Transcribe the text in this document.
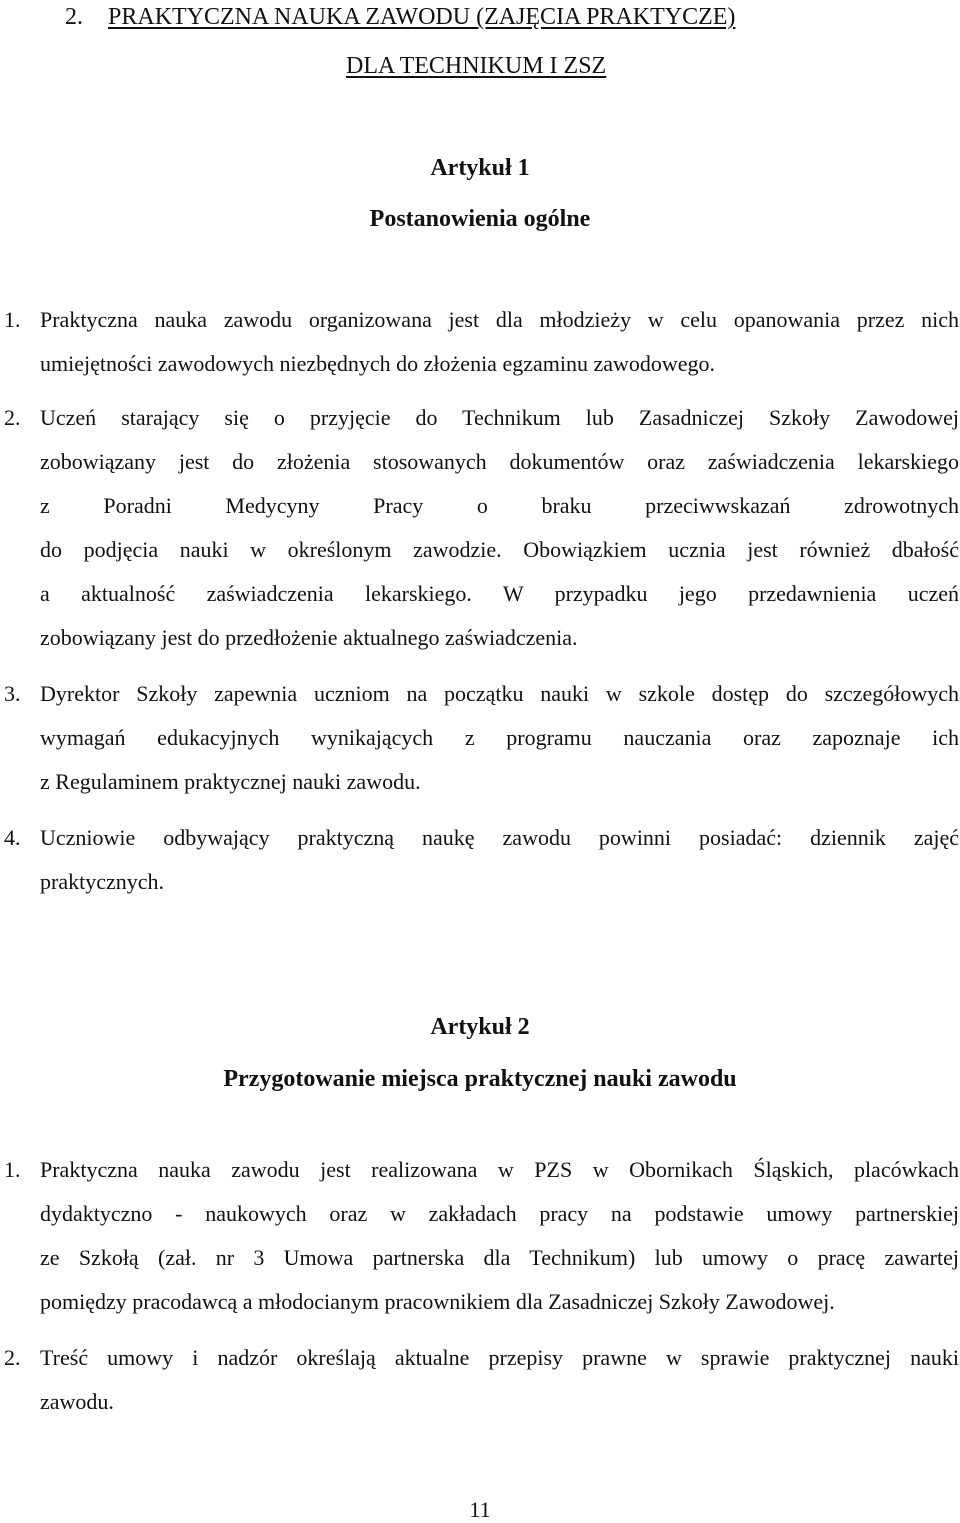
2. PRAKTYCZNA NAUKA ZAWODU (ZAJĘCIA PRAKTYCZE)
DLA TECHNIKUM I ZSZ
Artykuł 1
Postanowienia ogólne
1. Praktyczna nauka zawodu organizowana jest dla młodzieży w celu opanowania przez nich
umiejętności zawodowych niezbędnych do złożenia egzaminu zawodowego.
2. Uczeń starający się o przyjęcie do Technikum lub Zasadniczej Szkoły Zawodowej
zobowiązany jest do złożenia stosowanych dokumentów oraz zaświadczenia lekarskiego
z Poradni Medycyny Pracy o braku przeciwwskazań zdrowotnych
do podjęcia nauki w określonym zawodzie. Obowiązkiem ucznia jest również dbałość
a aktualność zaświadczenia lekarskiego. W przypadku jego przedawnienia uczeń
zobowiązany jest do przedłożenie aktualnego zaświadczenia.
3. Dyrektor Szkoły zapewnia uczniom na początku nauki w szkole dostęp do szczegółowych
wymagań edukacyjnych wynikających z programu nauczania oraz zapoznaje ich
z Regulaminem praktycznej nauki zawodu.
4. Uczniowie odbywający praktyczną naukę zawodu powinni posiadać: dziennik zajęć
praktycznych.
Artykuł 2
Przygotowanie miejsca praktycznej nauki zawodu
1. Praktyczna nauka zawodu jest realizowana w PZS w Obornikach Śląskich, placówkach
dydaktyczno - naukowych oraz w zakładach pracy na podstawie umowy partnerskiej
ze Szkołą (zał. nr 3 Umowa partnerska dla Technikum) lub umowy o pracę zawartej
pomiędzy pracodawcą a młodocianym pracownikiem dla Zasadniczej Szkoły Zawodowej.
2. Treść umowy i nadzór określają aktualne przepisy prawne w sprawie praktycznej nauki
zawodu.
11
